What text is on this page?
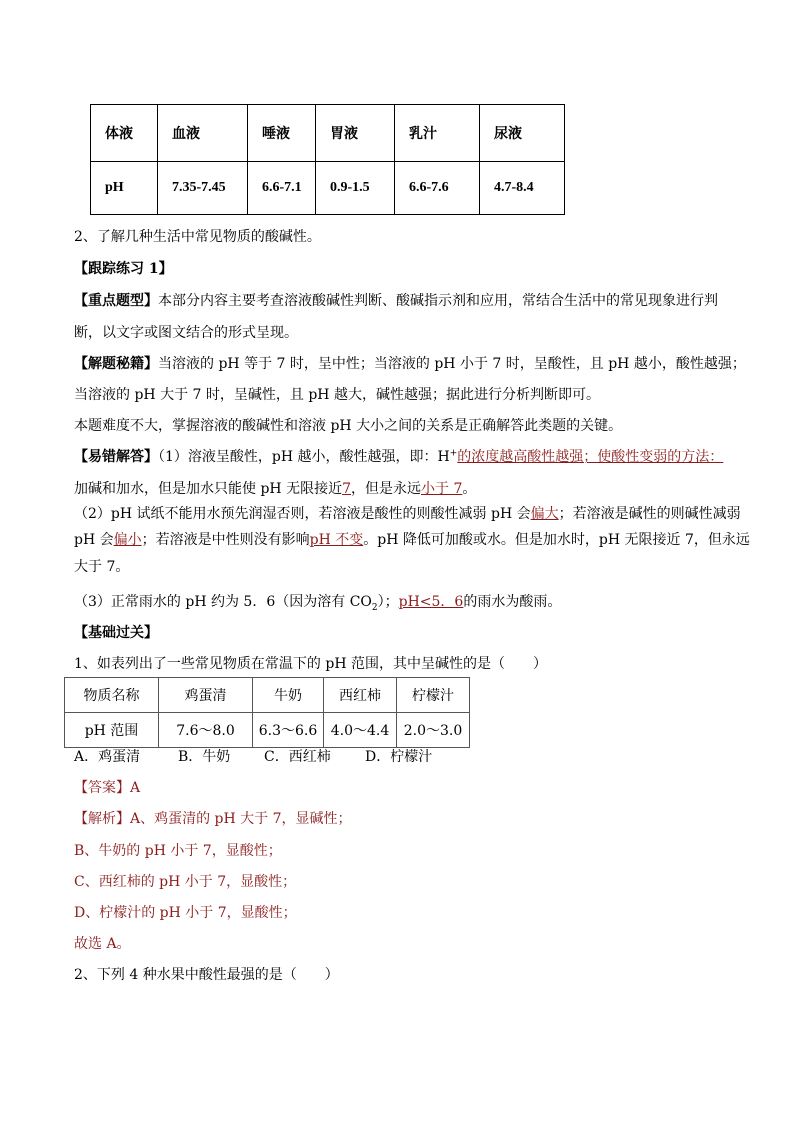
体液	血液	唾液	胃液	乳汁	尿液
pH	7.35-7.45	6.6-7.1	0.9-1.5	6.6-7.6	4.7-8.4
2、了解几种生活中常见物质的酸碱性。
【跟踪练习 1】
【重点题型】本部分内容主要考查溶液酸碱性判断、酸碱指示剂和应用，常结合生活中的常见现象进行判
断，以文字或图文结合的形式呈现。
【解题秘籍】当溶液的 pH 等于 7 时，呈中性；当溶液的 pH 小于 7 时，呈酸性，且 pH 越小，酸性越强；
当溶液的 pH 大于 7 时，呈碱性，且 pH 越大，碱性越强；据此进行分析判断即可。
本题难度不大，掌握溶液的酸碱性和溶液 pH 大小之间的关系是正确解答此类题的关键。
【易错解答】（1）溶液呈酸性，pH 越小，酸性越强，即：H+的浓度越高酸性越强；使酸性变弱的方法：
加碱和加水，但是加水只能使 pH 无限接近7，但是永远小于 7。
（2）pH 试纸不能用水预先润湿否则，若溶液是酸性的则酸性减弱 pH 会偏大；若溶液是碱性的则碱性减弱
pH 会偏小；若溶液是中性则没有影响pH 不变。pH 降低可加酸或水。但是加水时，pH 无限接近 7，但永远
大于 7。
（3）正常雨水的 pH 约为 5．6（因为溶有 $CO_2$）；pH<5．6的雨水为酸雨。
【基础过关】
1、如表列出了一些常见物质在常温下的 pH 范围，其中呈碱性的是（　　）
物质名称	鸡蛋清	牛奶	西红柿	柠檬汁
pH 范围	7.6～8.0	6.3～6.6	4.0～4.4	2.0～3.0
A．鸡蛋清	B．牛奶 C．西红柿 D．柠檬汁
【答案】A
【解析】A、鸡蛋清的 pH 大于 7，显碱性；
B、牛奶的 pH 小于 7，显酸性；
C、西红柿的 pH 小于 7，显酸性；
D、柠檬汁的 pH 小于 7，显酸性；
故选 A。
2、下列 4 种水果中酸性最强的是（　　）
